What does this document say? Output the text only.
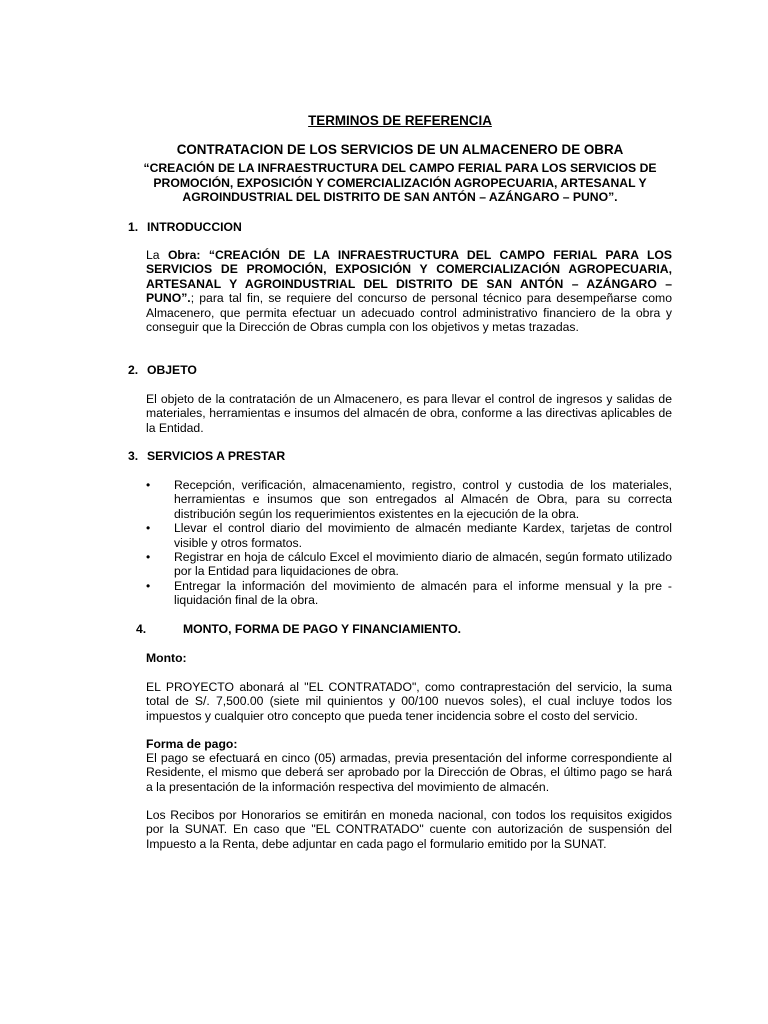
TERMINOS DE REFERENCIA
CONTRATACION DE LOS SERVICIOS DE UN ALMACENERO DE OBRA
“CREACIÓN DE LA INFRAESTRUCTURA DEL CAMPO FERIAL PARA LOS SERVICIOS DE
PROMOCIÓN, EXPOSICIÓN Y COMERCIALIZACIÓN AGROPECUARIA, ARTESANAL Y
AGROINDUSTRIAL DEL DISTRITO DE SAN ANTÓN – AZÁNGARO – PUNO”.
1. INTRODUCCION
La Obra: “CREACIÓN DE LA INFRAESTRUCTURA DEL CAMPO FERIAL PARA LOS SERVICIOS DE PROMOCIÓN, EXPOSICIÓN Y COMERCIALIZACIÓN AGROPECUARIA, ARTESANAL Y AGROINDUSTRIAL DEL DISTRITO DE SAN ANTÓN – AZÁNGARO – PUNO”.; para tal fin, se requiere del concurso de personal técnico para desempeñarse como Almacenero, que permita efectuar un adecuado control administrativo financiero de la obra y conseguir que la Dirección de Obras cumpla con los objetivos y metas trazadas.
2. OBJETO
El objeto de la contratación de un Almacenero, es para llevar el control de ingresos y salidas de materiales, herramientas e insumos del almacén de obra, conforme a las directivas aplicables de la Entidad.
3. SERVICIOS A PRESTAR
• Recepción, verificación, almacenamiento, registro, control y custodia de los materiales, herramientas e insumos que son entregados al Almacén de Obra, para su correcta distribución según los requerimientos existentes en la ejecución de la obra.
• Llevar el control diario del movimiento de almacén mediante Kardex, tarjetas de control visible y otros formatos.
• Registrar en hoja de cálculo Excel el movimiento diario de almacén, según formato utilizado por la Entidad para liquidaciones de obra.
• Entregar la información del movimiento de almacén para el informe mensual y la pre - liquidación final de la obra.
4.	MONTO, FORMA DE PAGO Y FINANCIAMIENTO.
Monto:
EL PROYECTO abonará al "EL CONTRATADO", como contraprestación del servicio, la suma total de S/. 7,500.00 (siete mil quinientos y 00/100 nuevos soles), el cual incluye todos los impuestos y cualquier otro concepto que pueda tener incidencia sobre el costo del servicio.
Forma de pago:
El pago se efectuará en cinco (05) armadas, previa presentación del informe correspondiente al Residente, el mismo que deberá ser aprobado por la Dirección de Obras, el último pago se hará a la presentación de la información respectiva del movimiento de almacén.
Los Recibos por Honorarios se emitirán en moneda nacional, con todos los requisitos exigidos por la SUNAT. En caso que "EL CONTRATADO" cuente con autorización de suspensión del Impuesto a la Renta, debe adjuntar en cada pago el formulario emitido por la SUNAT.
